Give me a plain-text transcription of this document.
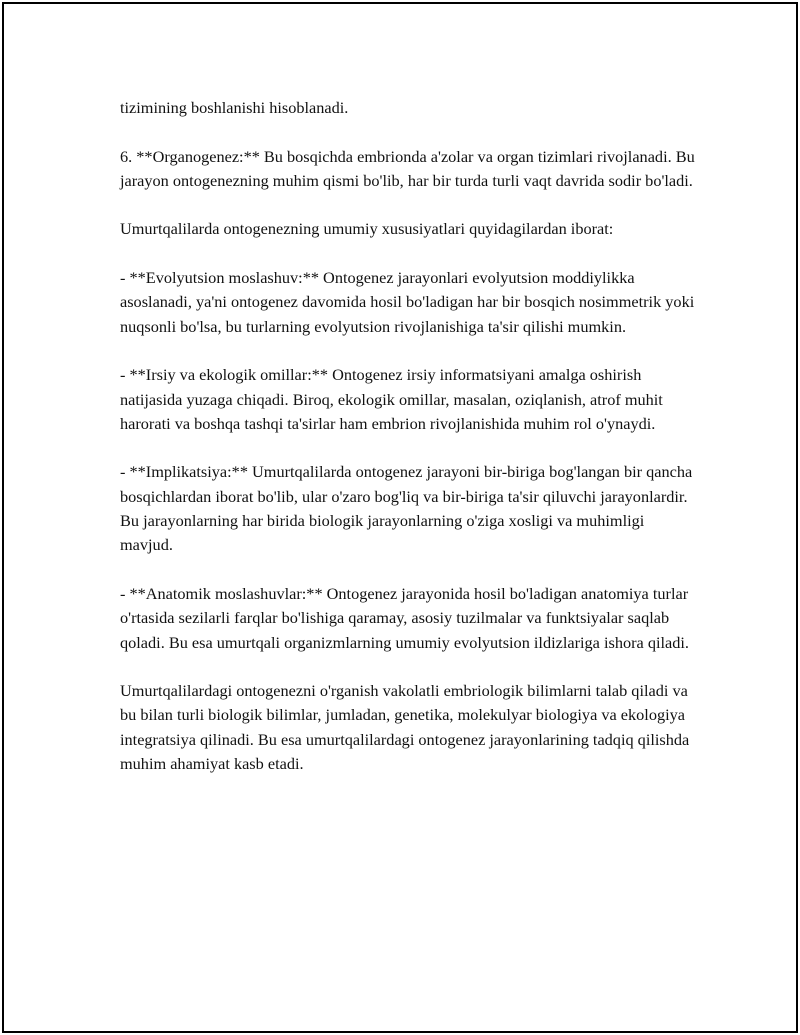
tizimining boshlanishi hisoblanadi.

6. **Organogenez:** Bu bosqichda embrionda a'zolar va organ tizimlari rivojlanadi. Bu jarayon ontogenezning muhim qismi bo'lib, har bir turda turli vaqt davrida sodir bo'ladi.

Umurtqalilarda ontogenezning umumiy xususiyatlari quyidagilardan iborat:

- **Evolyutsion moslashuv:** Ontogenez jarayonlari evolyutsion moddiylikka asoslanadi, ya'ni ontogenez davomida hosil bo'ladigan har bir bosqich nosimmetrik yoki nuqsonli bo'lsa, bu turlarning evolyutsion rivojlanishiga ta'sir qilishi mumkin.

- **Irsiy va ekologik omillar:** Ontogenez irsiy informatsiyani amalga oshirish natijasida yuzaga chiqadi. Biroq, ekologik omillar, masalan, oziqlanish, atrof muhit harorati va boshqa tashqi ta'sirlar ham embrion rivojlanishida muhim rol o'ynaydi.

- **Implikatsiya:** Umurtqalilarda ontogenez jarayoni bir-biriga bog'langan bir qancha bosqichlardan iborat bo'lib, ular o'zaro bog'liq va bir-biriga ta'sir qiluvchi jarayonlardir. Bu jarayonlarning har birida biologik jarayonlarning o'ziga xosligi va muhimligi mavjud.

- **Anatomik moslashuvlar:** Ontogenez jarayonida hosil bo'ladigan anatomiya turlar o'rtasida sezilarli farqlar bo'lishiga qaramay, asosiy tuzilmalar va funktsiyalar saqlab qoladi. Bu esa umurtqali organizmlarning umumiy evolyutsion ildizlariga ishora qiladi.

Umurtqalilardagi ontogenezni o'rganish vakolatli embriologik bilimlarni talab qiladi va bu bilan turli biologik bilimlar, jumladan, genetika, molekulyar biologiya va ekologiya integratsiya qilinadi. Bu esa umurtqalilardagi ontogenez jarayonlarining tadqiq qilishda muhim ahamiyat kasb etadi.
